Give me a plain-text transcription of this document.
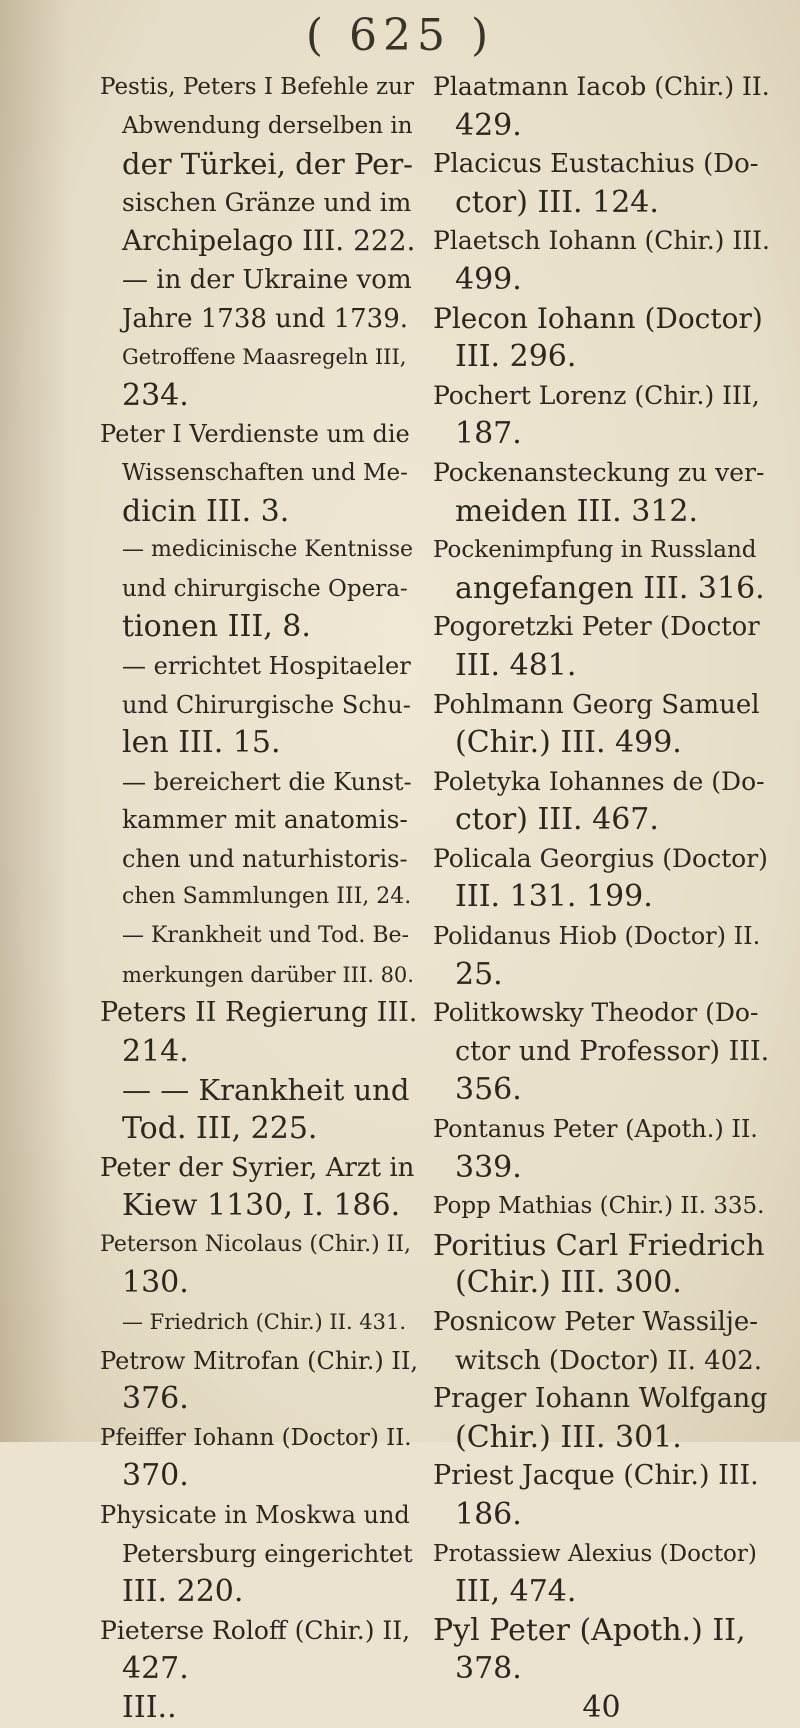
( 625 )
Pestis, Peters I Befehle zur
Abwendung derselben in
der Türkei, der Per-
sischen Gränze und im
Archipelago III. 222.
— in der Ukraine vom
Jahre 1738 und 1739.
Getroffene Maasregeln III,
234.
Peter I Verdienste um die
Wissenschaften und Me-
dicin III. 3.
— medicinische Kentnisse
und chirurgische Opera-
tionen III, 8.
— errichtet Hospitaeler
und Chirurgische Schu-
len III. 15.
— bereichert die Kunst-
kammer mit anatomis-
chen und naturhistoris-
chen Sammlungen III, 24.
— Krankheit und Tod. Be-
merkungen darüber III. 80.
Peters II Regierung III.
214.
— — Krankheit und
Tod. III, 225.
Peter der Syrier, Arzt in
Kiew 1130, I. 186.
Peterson Nicolaus (Chir.) II,
130.
— Friedrich (Chir.) II. 431.
Petrow Mitrofan (Chir.) II,
376.
Pfeiffer Iohann (Doctor) II.
370.
Physicate in Moskwa und
Petersburg eingerichtet
III. 220.
Pieterse Roloff (Chir.) II,
427.
III..
Plaatmann Iacob (Chir.) II.
429.
Placicus Eustachius (Do-
ctor) III. 124.
Plaetsch Iohann (Chir.) III.
499.
Plecon Iohann (Doctor)
III. 296.
Pochert Lorenz (Chir.) III,
187.
Pockenansteckung zu ver-
meiden III. 312.
Pockenimpfung in Russland
angefangen III. 316.
Pogoretzki Peter (Doctor
III. 481.
Pohlmann Georg Samuel
(Chir.) III. 499.
Poletyka Iohannes de (Do-
ctor) III. 467.
Policala Georgius (Doctor)
III. 131. 199.
Polidanus Hiob (Doctor) II.
25.
Politkowsky Theodor (Do-
ctor und Professor) III.
356.
Pontanus Peter (Apoth.) II.
339.
Popp Mathias (Chir.) II. 335.
Poritius Carl Friedrich
(Chir.) III. 300.
Posnicow Peter Wassilje-
witsch (Doctor) II. 402.
Prager Iohann Wolfgang
(Chir.) III. 301.
Priest Jacque (Chir.) III.
186.
Protassiew Alexius (Doctor)
III, 474.
Pyl Peter (Apoth.) II,
378.
40
